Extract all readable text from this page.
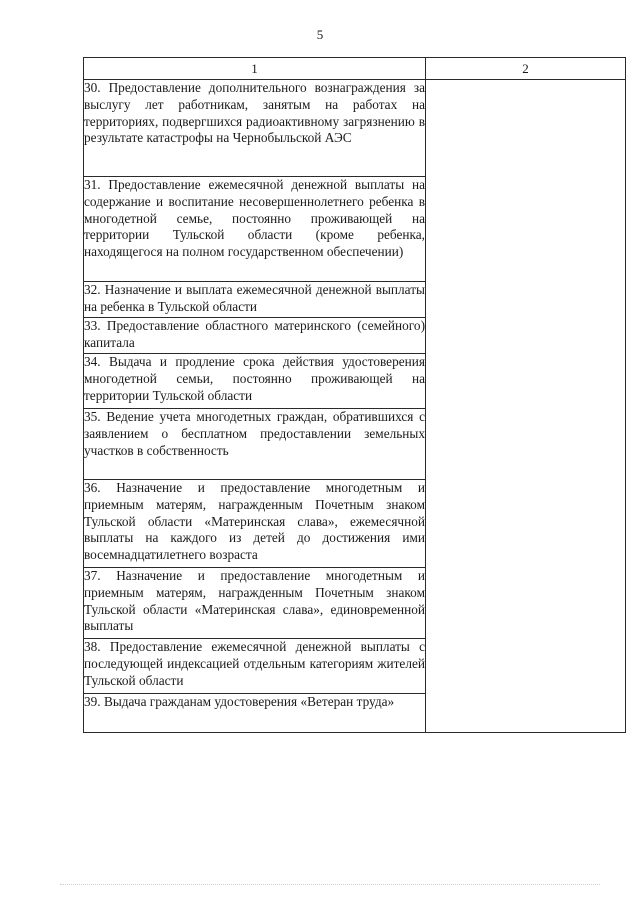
5
1	2

30. Предоставление дополнительного вознаграждения за выслугу лет работникам, занятым на работах на территориях, подвергшихся радиоактивному загрязнению в результате катастрофы на Чернобыльской АЭС	

31. Предоставление ежемесячной денежной выплаты на содержание и воспитание несовершеннолетнего ребенка в многодетной семье, постоянно проживающей на территории Тульской области (кроме ребенка, находящегося на полном государственном обеспечении)	

32. Назначение и выплата ежемесячной денежной выплаты на ребенка в Тульской области	

33. Предоставление областного материнского (семейного) капитала	

34. Выдача и продление срока действия удостоверения многодетной семьи, постоянно проживающей на территории Тульской области	

35. Ведение учета многодетных граждан, обратившихся с заявлением о бесплатном предоставлении земельных участков в собственность	

36. Назначение и предоставление многодетным и приемным матерям, награжденным Почетным знаком Тульской области «Материнская слава», ежемесячной выплаты на каждого из детей до достижения ими восемнадцатилетнего возраста	

37. Назначение и предоставление многодетным и приемным матерям, награжденным Почетным знаком Тульской области «Материнская слава», единовременной выплаты	

38. Предоставление ежемесячной денежной выплаты с последующей индексацией отдельным категориям жителей Тульской области	

39. Выдача гражданам удостоверения «Ветеран труда»	
